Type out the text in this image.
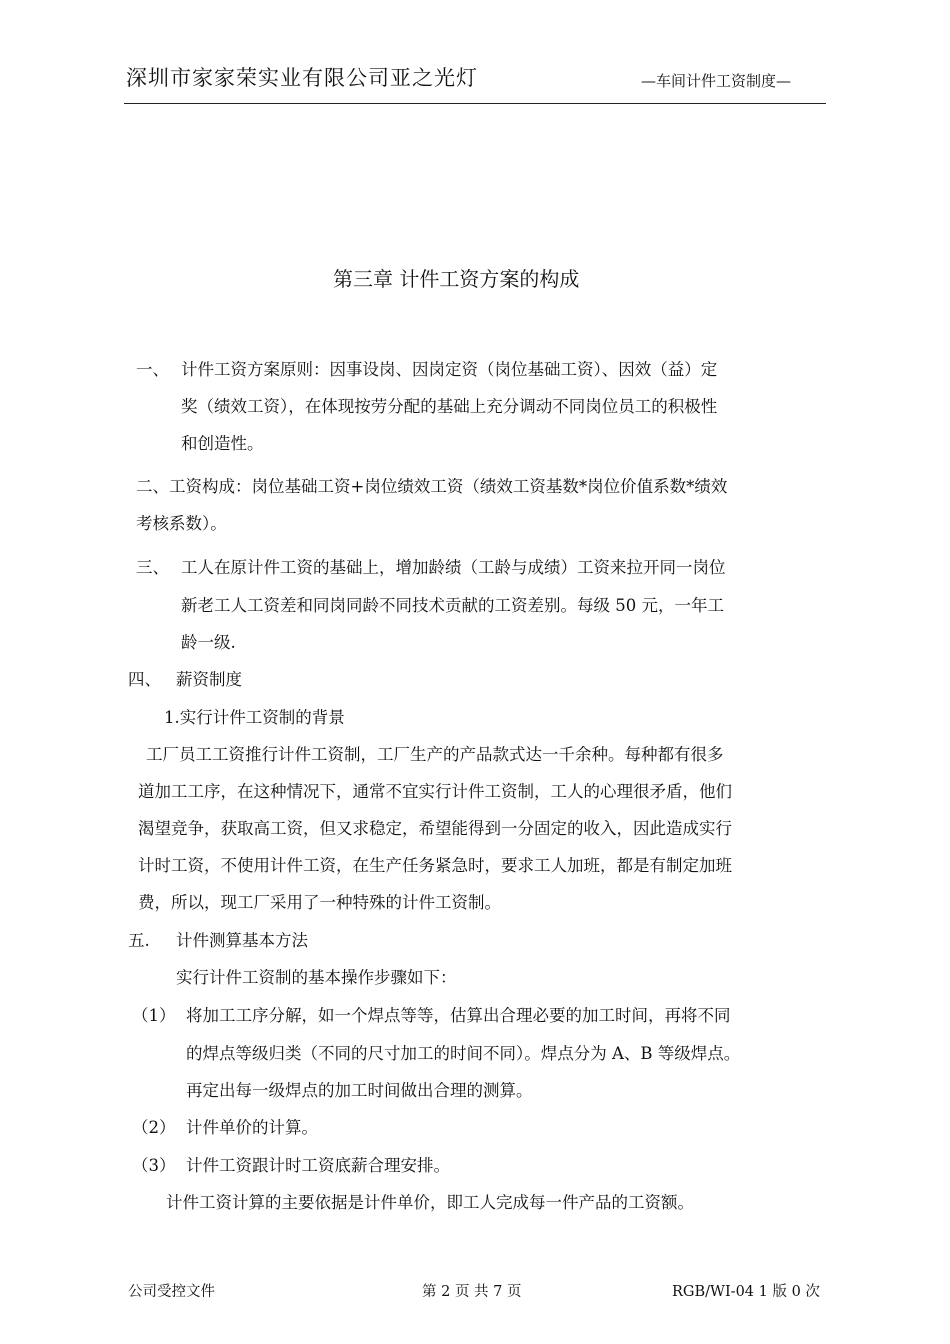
深圳市家家荣实业有限公司亚之光灯	—车间计件工资制度—
第三章 计件工资方案的构成
一、 计件工资方案原则：因事设岗、因岗定资（岗位基础工资）、因效（益）定
奖（绩效工资），在体现按劳分配的基础上充分调动不同岗位员工的积极性
和创造性。
二、工资构成：岗位基础工资+岗位绩效工资（绩效工资基数*岗位价值系数*绩效
考核系数）。
三、 工人在原计件工资的基础上，增加龄绩（工龄与成绩）工资来拉开同一岗位
新老工人工资差和同岗同龄不同技术贡献的工资差别。每级 50 元，一年工
龄一级.
四、 薪资制度
1.实行计件工资制的背景
工厂员工工资推行计件工资制，工厂生产的产品款式达一千余种。每种都有很多
道加工工序，在这种情况下，通常不宜实行计件工资制，工人的心理很矛盾，他们
渴望竞争，获取高工资，但又求稳定，希望能得到一分固定的收入，因此造成实行
计时工资，不使用计件工资，在生产任务紧急时，要求工人加班，都是有制定加班
费，所以，现工厂采用了一种特殊的计件工资制。
五. 计件测算基本方法
实行计件工资制的基本操作步骤如下：
（1） 将加工工序分解，如一个焊点等等，估算出合理必要的加工时间，再将不同
的焊点等级归类（不同的尺寸加工的时间不同）。焊点分为 A、B 等级焊点。
再定出每一级焊点的加工时间做出合理的测算。
（2） 计件单价的计算。
（3） 计件工资跟计时工资底薪合理安排。
计件工资计算的主要依据是计件单价，即工人完成每一件产品的工资额。
公司受控文件	第 2 页 共 7 页	RGB/WI-04 1 版 0 次
